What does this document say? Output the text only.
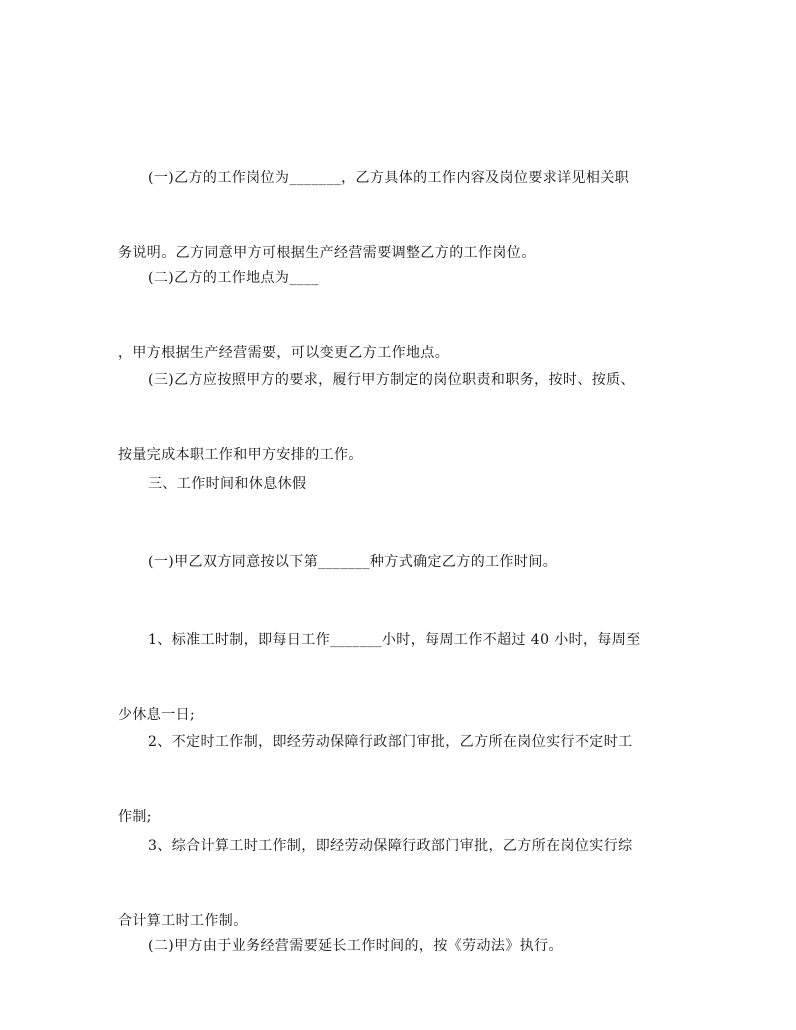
(一)乙方的工作岗位为_______，乙方具体的工作内容及岗位要求详见相关职

务说明。乙方同意甲方可根据生产经营需要调整乙方的工作岗位。

(二)乙方的工作地点为____

，甲方根据生产经营需要，可以变更乙方工作地点。

(三)乙方应按照甲方的要求，履行甲方制定的岗位职责和职务，按时、按质、

按量完成本职工作和甲方安排的工作。

三、工作时间和休息休假

(一)甲乙双方同意按以下第_______种方式确定乙方的工作时间。

1、标准工时制，即每日工作_______小时，每周工作不超过 40 小时，每周至

少休息一日;

2、不定时工作制，即经劳动保障行政部门审批，乙方所在岗位实行不定时工

作制;

3、综合计算工时工作制，即经劳动保障行政部门审批，乙方所在岗位实行综

合计算工时工作制。

(二)甲方由于业务经营需要延长工作时间的，按《劳动法》执行。
